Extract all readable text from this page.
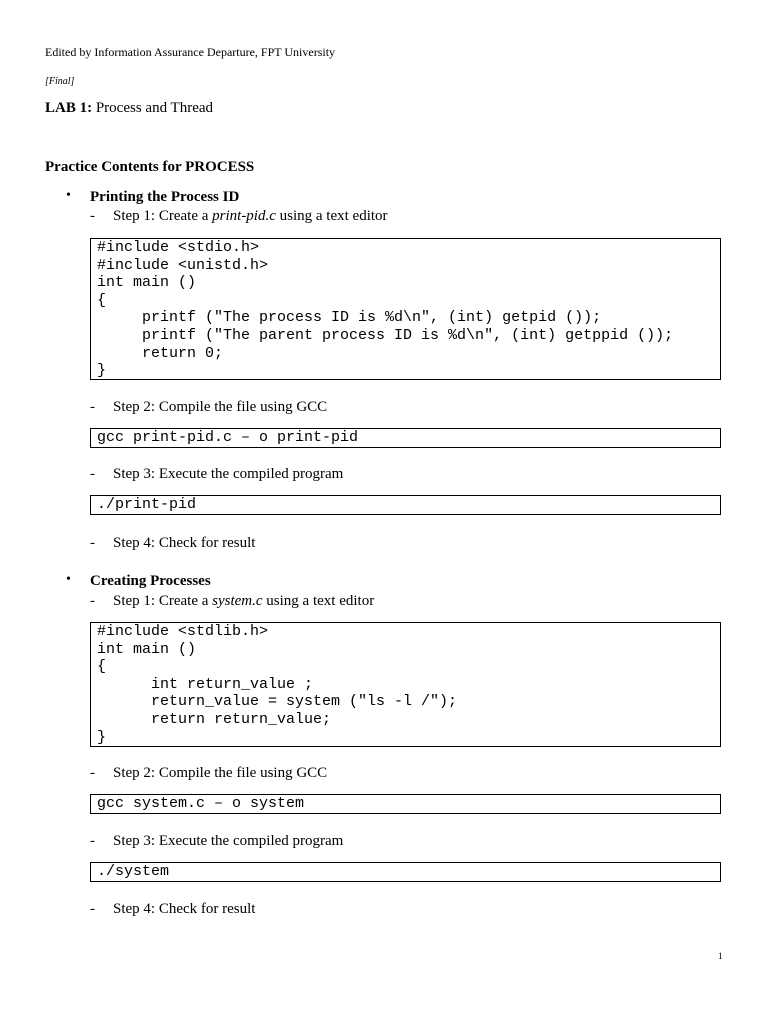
Edited by Information Assurance Departure, FPT University
[Final]
LAB 1: Process and Thread
Practice Contents for PROCESS
• Printing the Process ID
- Step 1: Create a print-pid.c using a text editor
#include <stdio.h>
#include <unistd.h>
int main ()
{
printf ("The process ID is %d\n", (int) getpid ());
printf ("The parent process ID is %d\n", (int) getppid ());
return 0;
}
- Step 2: Compile the file using GCC
gcc print-pid.c – o print-pid
- Step 3: Execute the compiled program
./print-pid
- Step 4: Check for result
• Creating Processes
- Step 1: Create a system.c using a text editor
#include <stdlib.h>
int main ()
{
int return_value ;
return_value = system ("ls -l /");
return return_value;
}
- Step 2: Compile the file using GCC
gcc system.c – o system
- Step 3: Execute the compiled program
./system
- Step 4: Check for result
1
